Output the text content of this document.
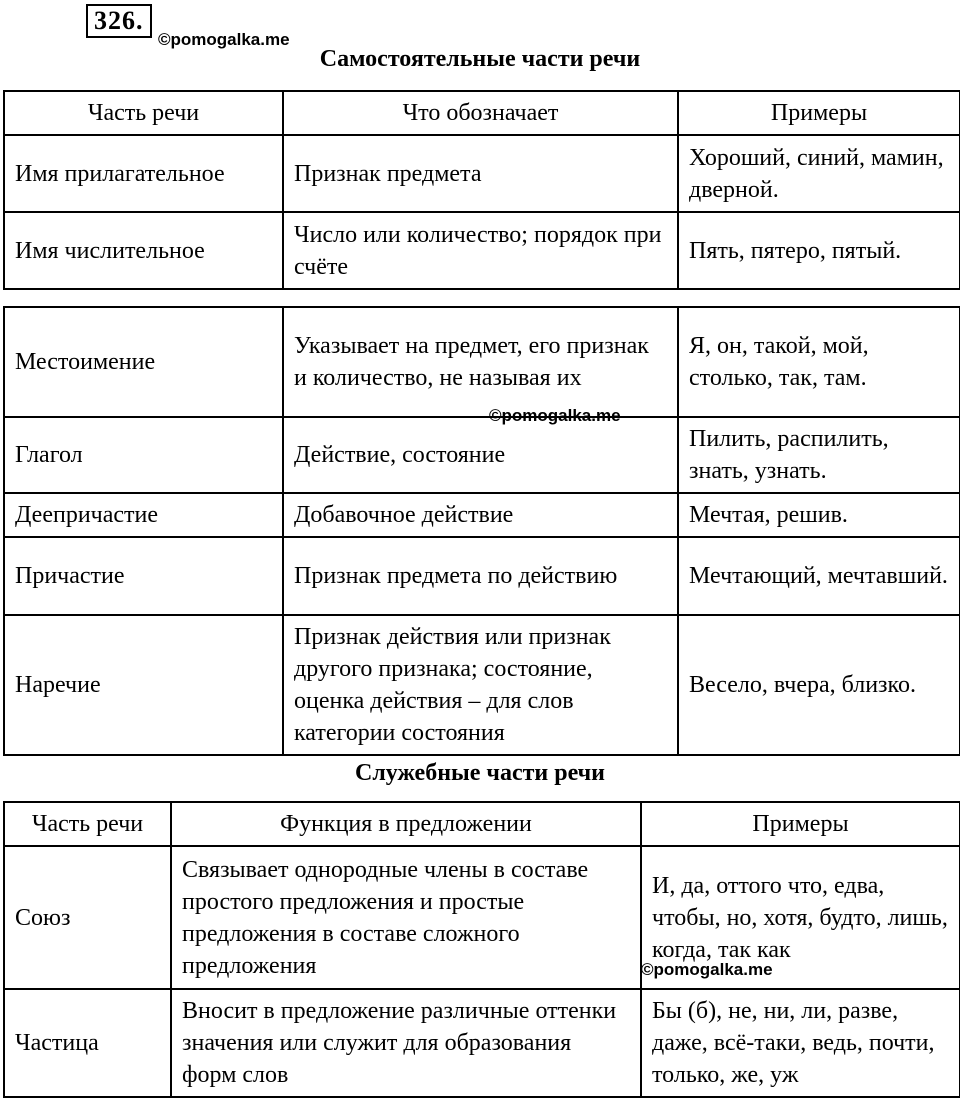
326.
©pomogalka.me
Самостоятельные части речи
Часть речи	Что обозначает	Примеры
Имя прилагательное	Признак предмета	Хороший, синий, мамин, дверной.
Имя числительное	Число или количество; порядок при счёте	Пять, пятеро, пятый.
Местоимение	Указывает на предмет, его признак и количество, не называя их	Я, он, такой, мой, столько, так, там.
Глагол	Действие, состояние	Пилить, распилить, знать, узнать.
Деепричастие	Добавочное действие	Мечтая, решив.
Причастие	Признак предмета по действию	Мечтающий, мечтавший.
Наречие	Признак действия или признак другого признака; состояние, оценка действия – для слов категории состояния	Весело, вчера, близко.
©pomogalka.me
Служебные части речи
Часть речи	Функция в предложении	Примеры
Союз	Связывает однородные члены в составе простого предложения и простые предложения в составе сложного предложения	И, да, оттого что, едва, чтобы, но, хотя, будто, лишь, когда, так как
Частица	Вносит в предложение различные оттенки значения или служит для образования форм слов	Бы (б), не, ни, ли, разве, даже, всё-таки, ведь, почти, только, же, уж
©pomogalka.me
